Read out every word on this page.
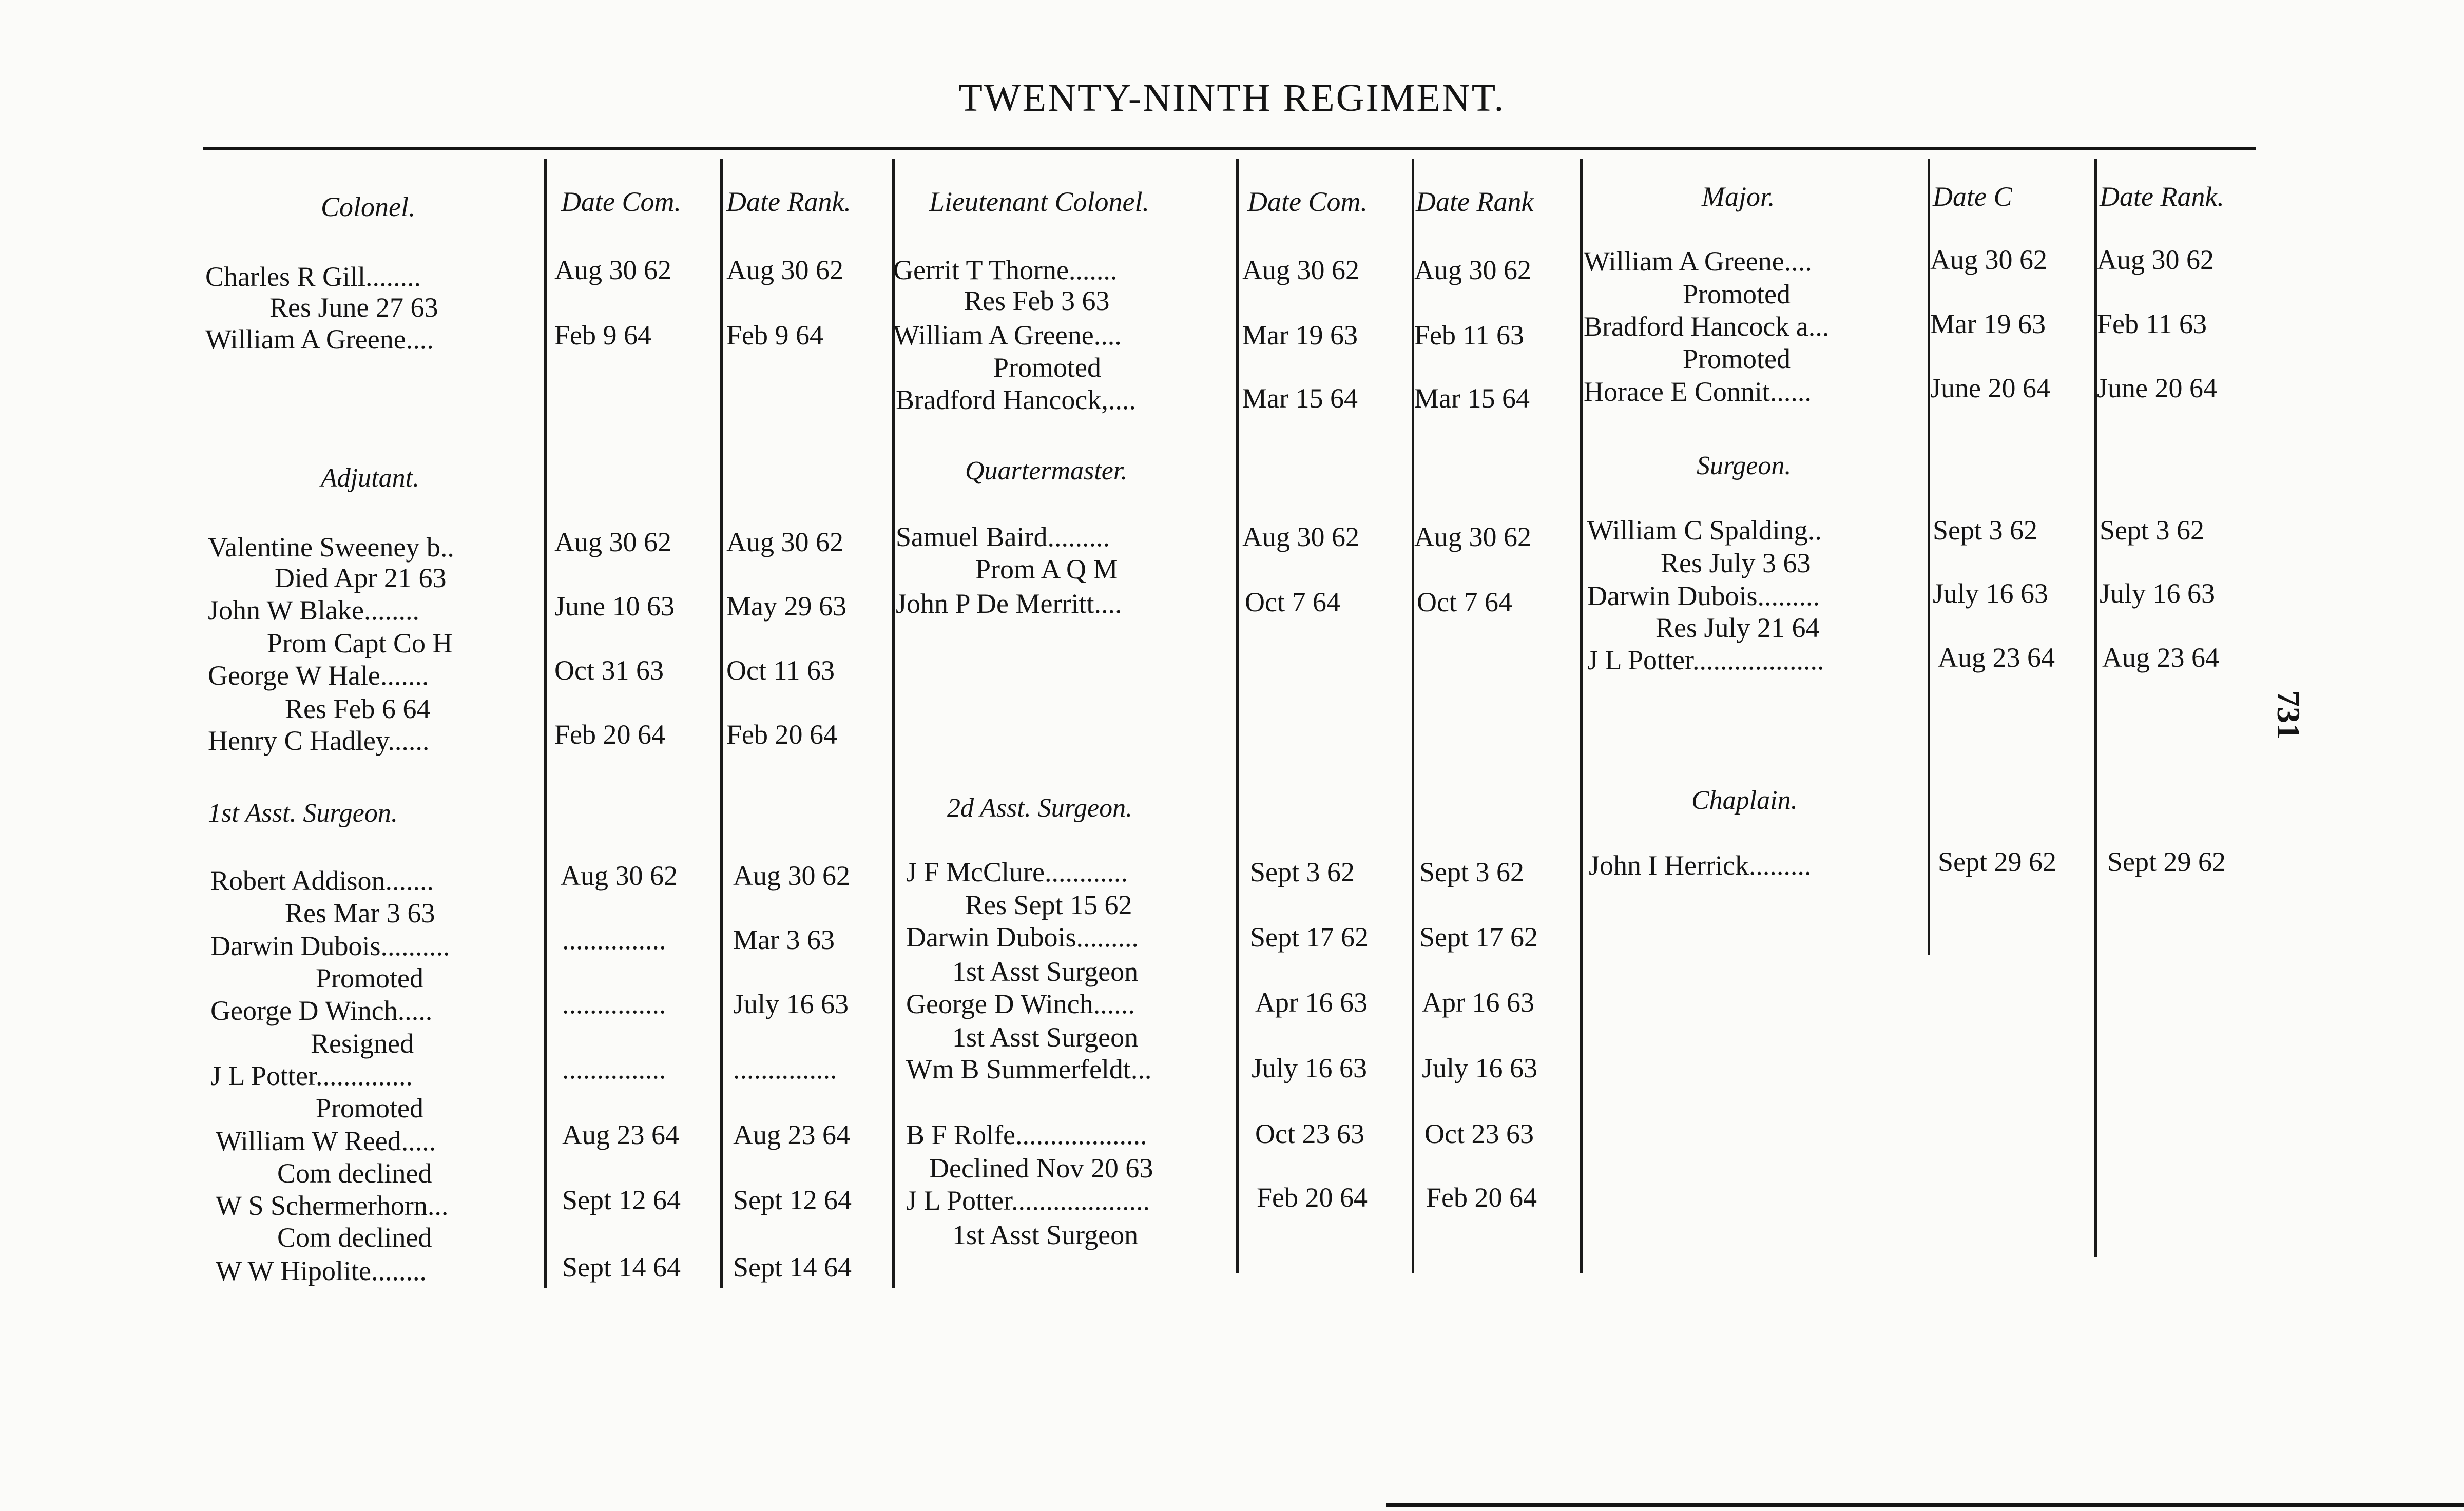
TWENTY-NINTH REGIMENT.
731
Colonel.	Date Com. Date Rank.	Lieutenant Colonel.	Date Com. Date Rank	Major.	Date C	Date Rank.
Adjutant.	Quartermaster.	Surgeon.
1st Asst. Surgeon.	2d Asst. Surgeon.	Chaplain.
Charles R Gill........	Aug 30 62 Aug 30 62
Res June 27 63
William A Greene....	Feb 9 64	Feb 9 64
Gerrit T Thorne.......	Aug 30 62 Aug 30 62
Res Feb 3 63
William A Greene....	Mar 19 63 Feb 11 63
Promoted
Bradford Hancock,....	Mar 15 64 Mar 15 64
William A Greene....	Aug 30 62 Aug 30 62
Promoted
Bradford Hancock a...	Mar 19 63 Feb 11 63
Promoted
Horace E Connit......	June 20 64 June 20 64
Valentine Sweeney b..	Aug 30 62 Aug 30 62
Died Apr 21 63
John W Blake........	June 10 63 May 29 63
Prom Capt Co H
George W Hale.......	Oct 31 63 Oct 11 63
Res Feb 6 64
Henry C Hadley......	Feb 20 64 Feb 20 64
Samuel Baird.........	Aug 30 62 Aug 30 62
Prom A Q M
John P De Merritt....	Oct 7 64	Oct 7 64
William C Spalding..	Sept 3 62 Sept 3 62
Res July 3 63
Darwin Dubois.........	July 16 63 July 16 63
Res July 21 64
J L Potter...................	Aug 23 64 Aug 23 64
Robert Addison.......	Aug 30 62 Aug 30 62
Res Mar 3 63
Darwin Dubois..........	............... Mar 3 63
Promoted
George D Winch.....	............... July 16 63
Resigned
J L Potter..............	............... ...............
Promoted
William W Reed.....	Aug 23 64 Aug 23 64
Com declined
W S Schermerhorn...	Sept 12 64 Sept 12 64
Com declined
W W Hipolite........	Sept 14 64 Sept 14 64
J F McClure............	Sept 3 62 Sept 3 62
Res Sept 15 62
Darwin Dubois.........	Sept 17 62 Sept 17 62
1st Asst Surgeon
George D Winch......	Apr 16 63 Apr 16 63
1st Asst Surgeon
Wm B Summerfeldt...	July 16 63 July 16 63
B F Rolfe...................	Oct 23 63 Oct 23 63
Declined Nov 20 63
J L Potter....................	Feb 20 64 Feb 20 64
1st Asst Surgeon
John I Herrick.........	Sept 29 62 Sept 29 62
